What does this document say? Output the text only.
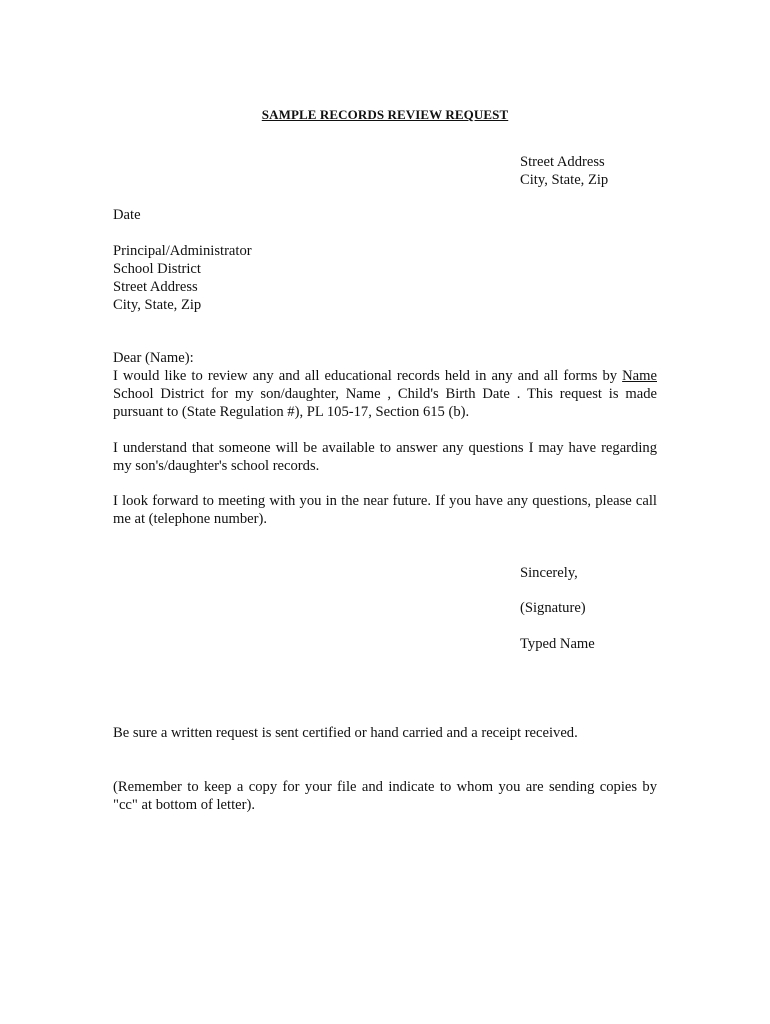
SAMPLE RECORDS REVIEW REQUEST
Street Address
City, State, Zip
Date
Principal/Administrator
School District
Street Address
City, State, Zip
Dear (Name):
I would like to review any and all educational records held in any and all forms by Name School District for my son/daughter, Name , Child's Birth Date . This request is made pursuant to (State Regulation #), PL 105-17, Section 615 (b).
I understand that someone will be available to answer any questions I may have regarding my son's/daughter's school records.
I look forward to meeting with you in the near future. If you have any questions, please call me at (telephone number).
Sincerely,
(Signature)
Typed Name
Be sure a written request is sent certified or hand carried and a receipt received.
(Remember to keep a copy for your file and indicate to whom you are sending copies by "cc" at bottom of letter).
